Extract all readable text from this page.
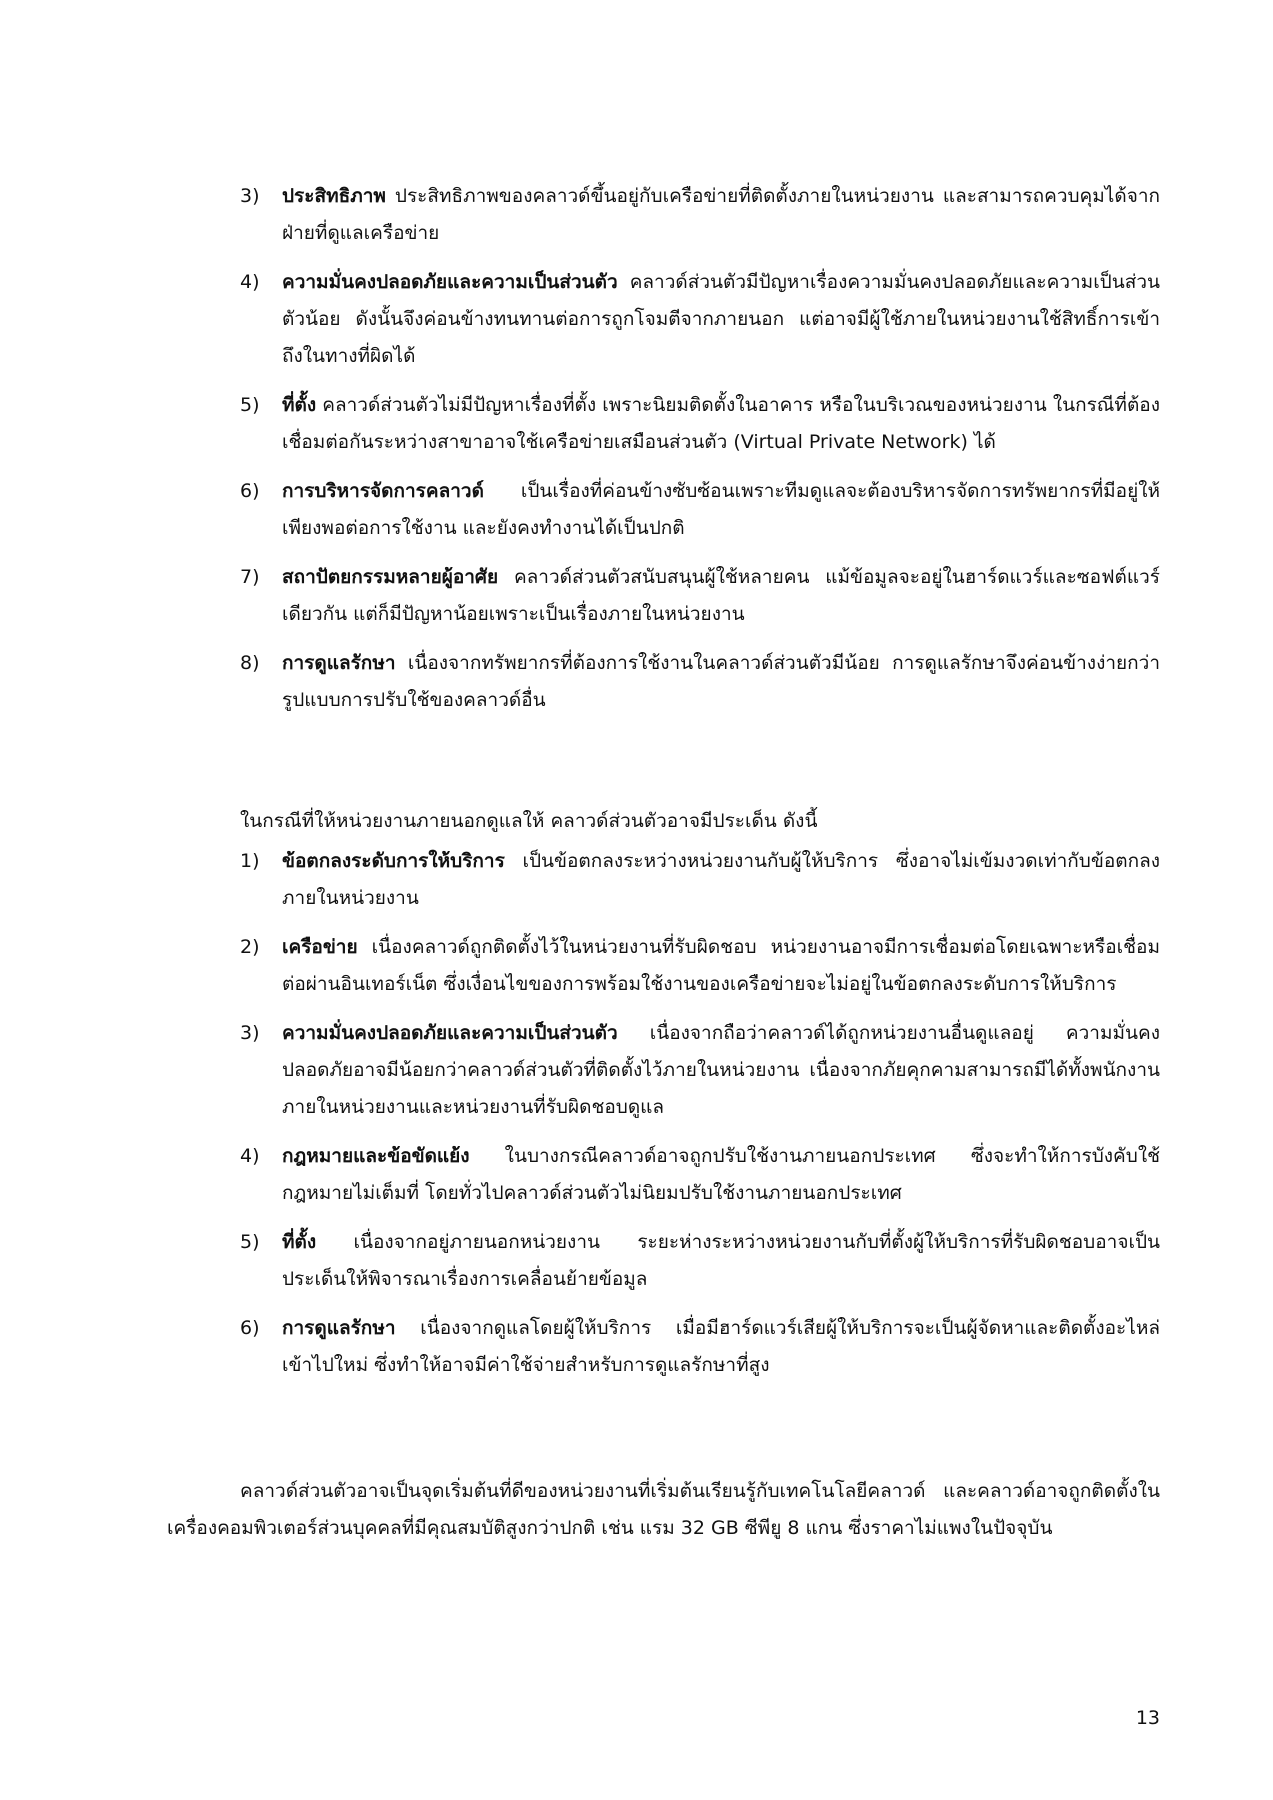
3) ประสิทธิภาพ ประสิทธิภาพของคลาวด์ขึ้นอยู่กับเครือข่ายที่ติดตั้งภายในหน่วยงาน และสามารถควบคุมได้จากฝ่ายที่ดูแลเครือข่าย
4) ความมั่นคงปลอดภัยและความเป็นส่วนตัว คลาวด์ส่วนตัวมีปัญหาเรื่องความมั่นคงปลอดภัยและความเป็นส่วนตัวน้อย ดังนั้นจึงค่อนข้างทนทานต่อการถูกโจมตีจากภายนอก แต่อาจมีผู้ใช้ภายในหน่วยงานใช้สิทธิ์การเข้าถึงในทางที่ผิดได้
5) ที่ตั้ง คลาวด์ส่วนตัวไม่มีปัญหาเรื่องที่ตั้ง เพราะนิยมติดตั้งในอาคาร หรือในบริเวณของหน่วยงาน ในกรณีที่ต้องเชื่อมต่อกันระหว่างสาขาอาจใช้เครือข่ายเสมือนส่วนตัว (Virtual Private Network) ได้
6) การบริหารจัดการคลาวด์ เป็นเรื่องที่ค่อนข้างซับซ้อนเพราะทีมดูแลจะต้องบริหารจัดการทรัพยากรที่มีอยู่ให้เพียงพอต่อการใช้งาน และยังคงทำงานได้เป็นปกติ
7) สถาปัตยกรรมหลายผู้อาศัย คลาวด์ส่วนตัวสนับสนุนผู้ใช้หลายคน แม้ข้อมูลจะอยู่ในฮาร์ดแวร์และซอฟต์แวร์เดียวกัน แต่ก็มีปัญหาน้อยเพราะเป็นเรื่องภายในหน่วยงาน
8) การดูแลรักษา เนื่องจากทรัพยากรที่ต้องการใช้งานในคลาวด์ส่วนตัวมีน้อย การดูแลรักษาจึงค่อนข้างง่ายกว่ารูปแบบการปรับใช้ของคลาวด์อื่น
ในกรณีที่ให้หน่วยงานภายนอกดูแลให้ คลาวด์ส่วนตัวอาจมีประเด็น ดังนี้
1) ข้อตกลงระดับการให้บริการ เป็นข้อตกลงระหว่างหน่วยงานกับผู้ให้บริการ ซึ่งอาจไม่เข้มงวดเท่ากับข้อตกลงภายในหน่วยงาน
2) เครือข่าย เนื่องคลาวด์ถูกติดตั้งไว้ในหน่วยงานที่รับผิดชอบ หน่วยงานอาจมีการเชื่อมต่อโดยเฉพาะหรือเชื่อมต่อผ่านอินเทอร์เน็ต ซึ่งเงื่อนไขของการพร้อมใช้งานของเครือข่ายจะไม่อยู่ในข้อตกลงระดับการให้บริการ
3) ความมั่นคงปลอดภัยและความเป็นส่วนตัว เนื่องจากถือว่าคลาวด์ได้ถูกหน่วยงานอื่นดูแลอยู่ ความมั่นคงปลอดภัยอาจมีน้อยกว่าคลาวด์ส่วนตัวที่ติดตั้งไว้ภายในหน่วยงาน เนื่องจากภัยคุกคามสามารถมีได้ทั้งพนักงานภายในหน่วยงานและหน่วยงานที่รับผิดชอบดูแล
4) กฎหมายและข้อขัดแย้ง ในบางกรณีคลาวด์อาจถูกปรับใช้งานภายนอกประเทศ ซึ่งจะทำให้การบังคับใช้กฎหมายไม่เต็มที่ โดยทั่วไปคลาวด์ส่วนตัวไม่นิยมปรับใช้งานภายนอกประเทศ
5) ที่ตั้ง เนื่องจากอยู่ภายนอกหน่วยงาน ระยะห่างระหว่างหน่วยงานกับที่ตั้งผู้ให้บริการที่รับผิดชอบอาจเป็นประเด็นให้พิจารณาเรื่องการเคลื่อนย้ายข้อมูล
6) การดูแลรักษา เนื่องจากดูแลโดยผู้ให้บริการ เมื่อมีฮาร์ดแวร์เสียผู้ให้บริการจะเป็นผู้จัดหาและติดตั้งอะไหล่เข้าไปใหม่ ซึ่งทำให้อาจมีค่าใช้จ่ายสำหรับการดูแลรักษาที่สูง
คลาวด์ส่วนตัวอาจเป็นจุดเริ่มต้นที่ดีของหน่วยงานที่เริ่มต้นเรียนรู้กับเทคโนโลยีคลาวด์ และคลาวด์อาจถูกติดตั้งในเครื่องคอมพิวเตอร์ส่วนบุคคลที่มีคุณสมบัติสูงกว่าปกติ เช่น แรม 32 GB ซีพียู 8 แกน ซึ่งราคาไม่แพงในปัจจุบัน
13
